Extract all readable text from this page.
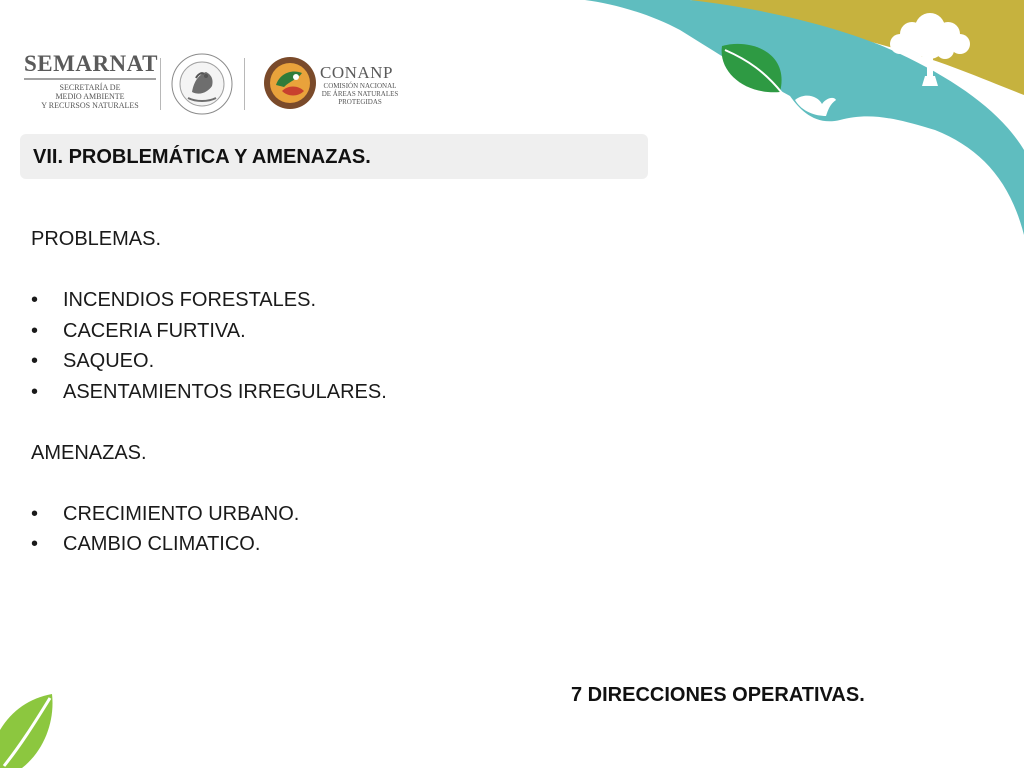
SEMARNAT
SECRETARÍA DE
MEDIO AMBIENTE
Y RECURSOS NATURALES
CONANP
COMISIÓN NACIONAL
DE ÁREAS NATURALES
PROTEGIDAS
VII. PROBLEMÁTICA Y AMENAZAS.
PROBLEMAS.
•	INCENDIOS FORESTALES.
•	CACERIA FURTIVA.
•	SAQUEO.
•	ASENTAMIENTOS IRREGULARES.
AMENAZAS.
•	CRECIMIENTO URBANO.
•	CAMBIO CLIMATICO.
7 DIRECCIONES OPERATIVAS.
